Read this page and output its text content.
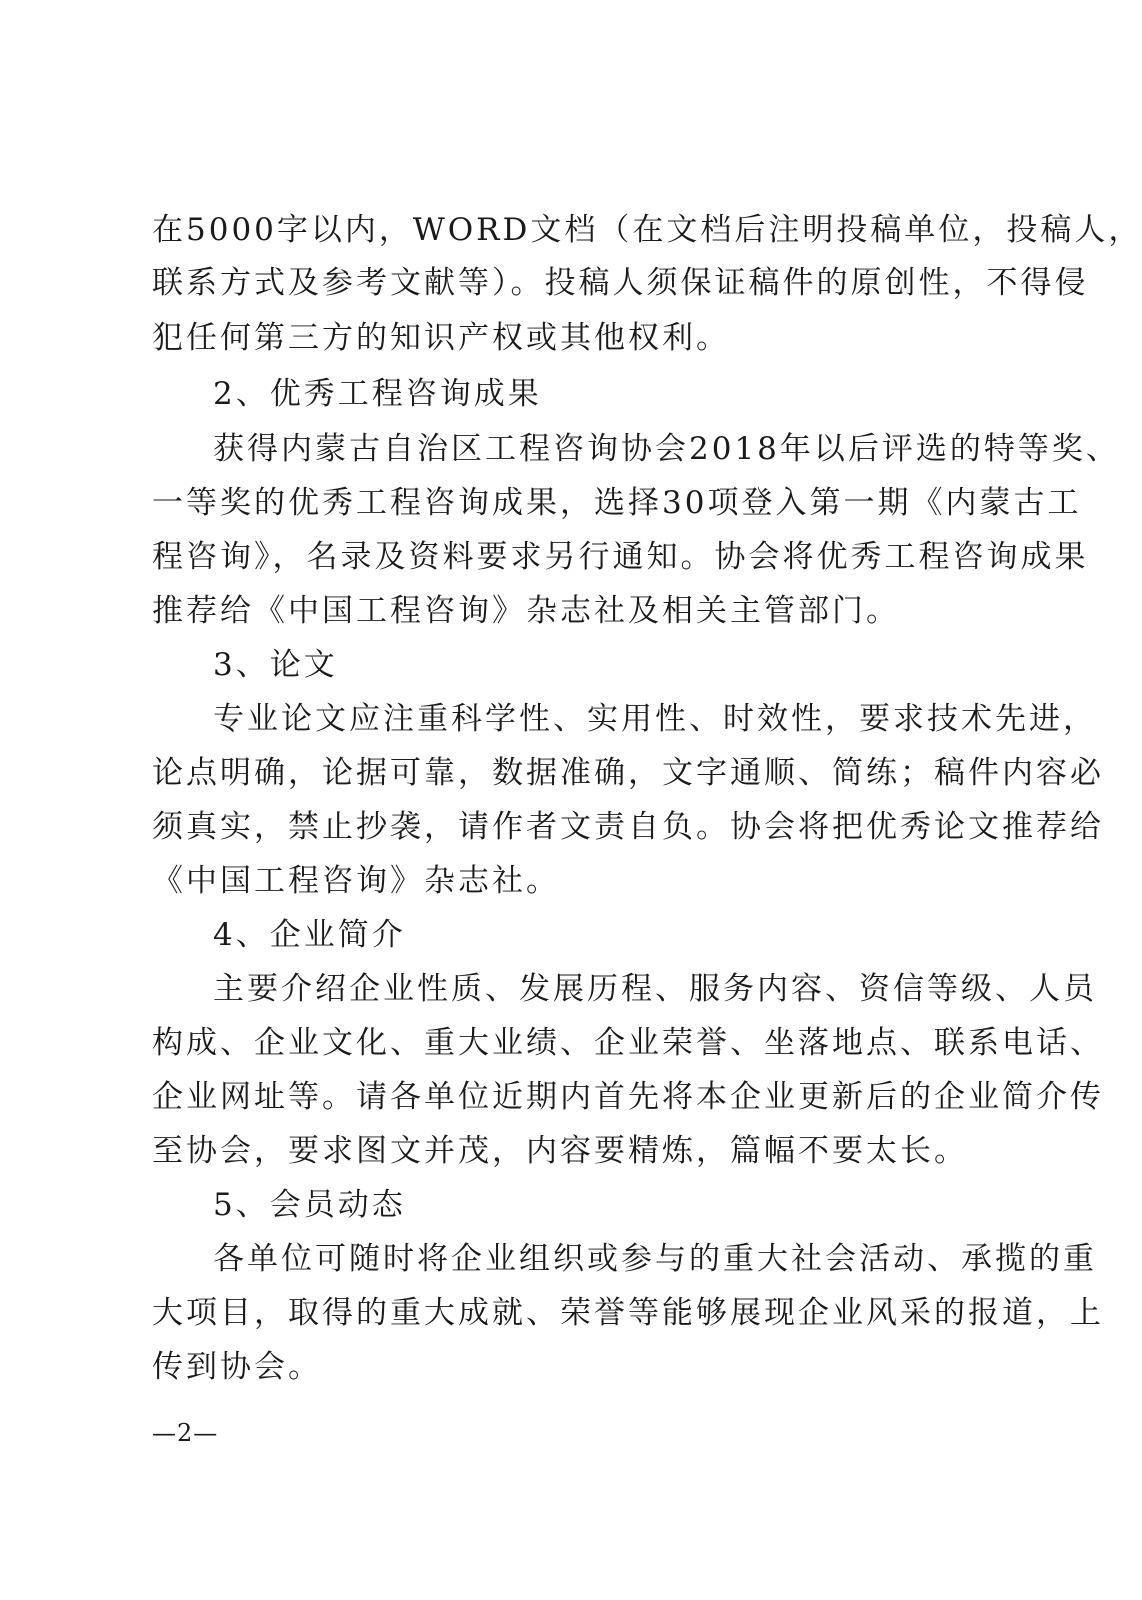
在5000字以内，WORD文档（在文档后注明投稿单位，投稿人，
联系方式及参考文献等）。投稿人须保证稿件的原创性，不得侵
犯任何第三方的知识产权或其他权利。
2、优秀工程咨询成果
获得内蒙古自治区工程咨询协会2018年以后评选的特等奖、
一等奖的优秀工程咨询成果，选择30项登入第一期《内蒙古工
程咨询》，名录及资料要求另行通知。协会将优秀工程咨询成果
推荐给《中国工程咨询》杂志社及相关主管部门。
3、论文
专业论文应注重科学性、实用性、时效性，要求技术先进，
论点明确，论据可靠，数据准确，文字通顺、简练；稿件内容必
须真实，禁止抄袭，请作者文责自负。协会将把优秀论文推荐给
《中国工程咨询》杂志社。
4、企业简介
主要介绍企业性质、发展历程、服务内容、资信等级、人员
构成、企业文化、重大业绩、企业荣誉、坐落地点、联系电话、
企业网址等。请各单位近期内首先将本企业更新后的企业简介传
至协会，要求图文并茂，内容要精炼，篇幅不要太长。
5、会员动态
各单位可随时将企业组织或参与的重大社会活动、承揽的重
大项目，取得的重大成就、荣誉等能够展现企业风采的报道，上
传到协会。
—2—
